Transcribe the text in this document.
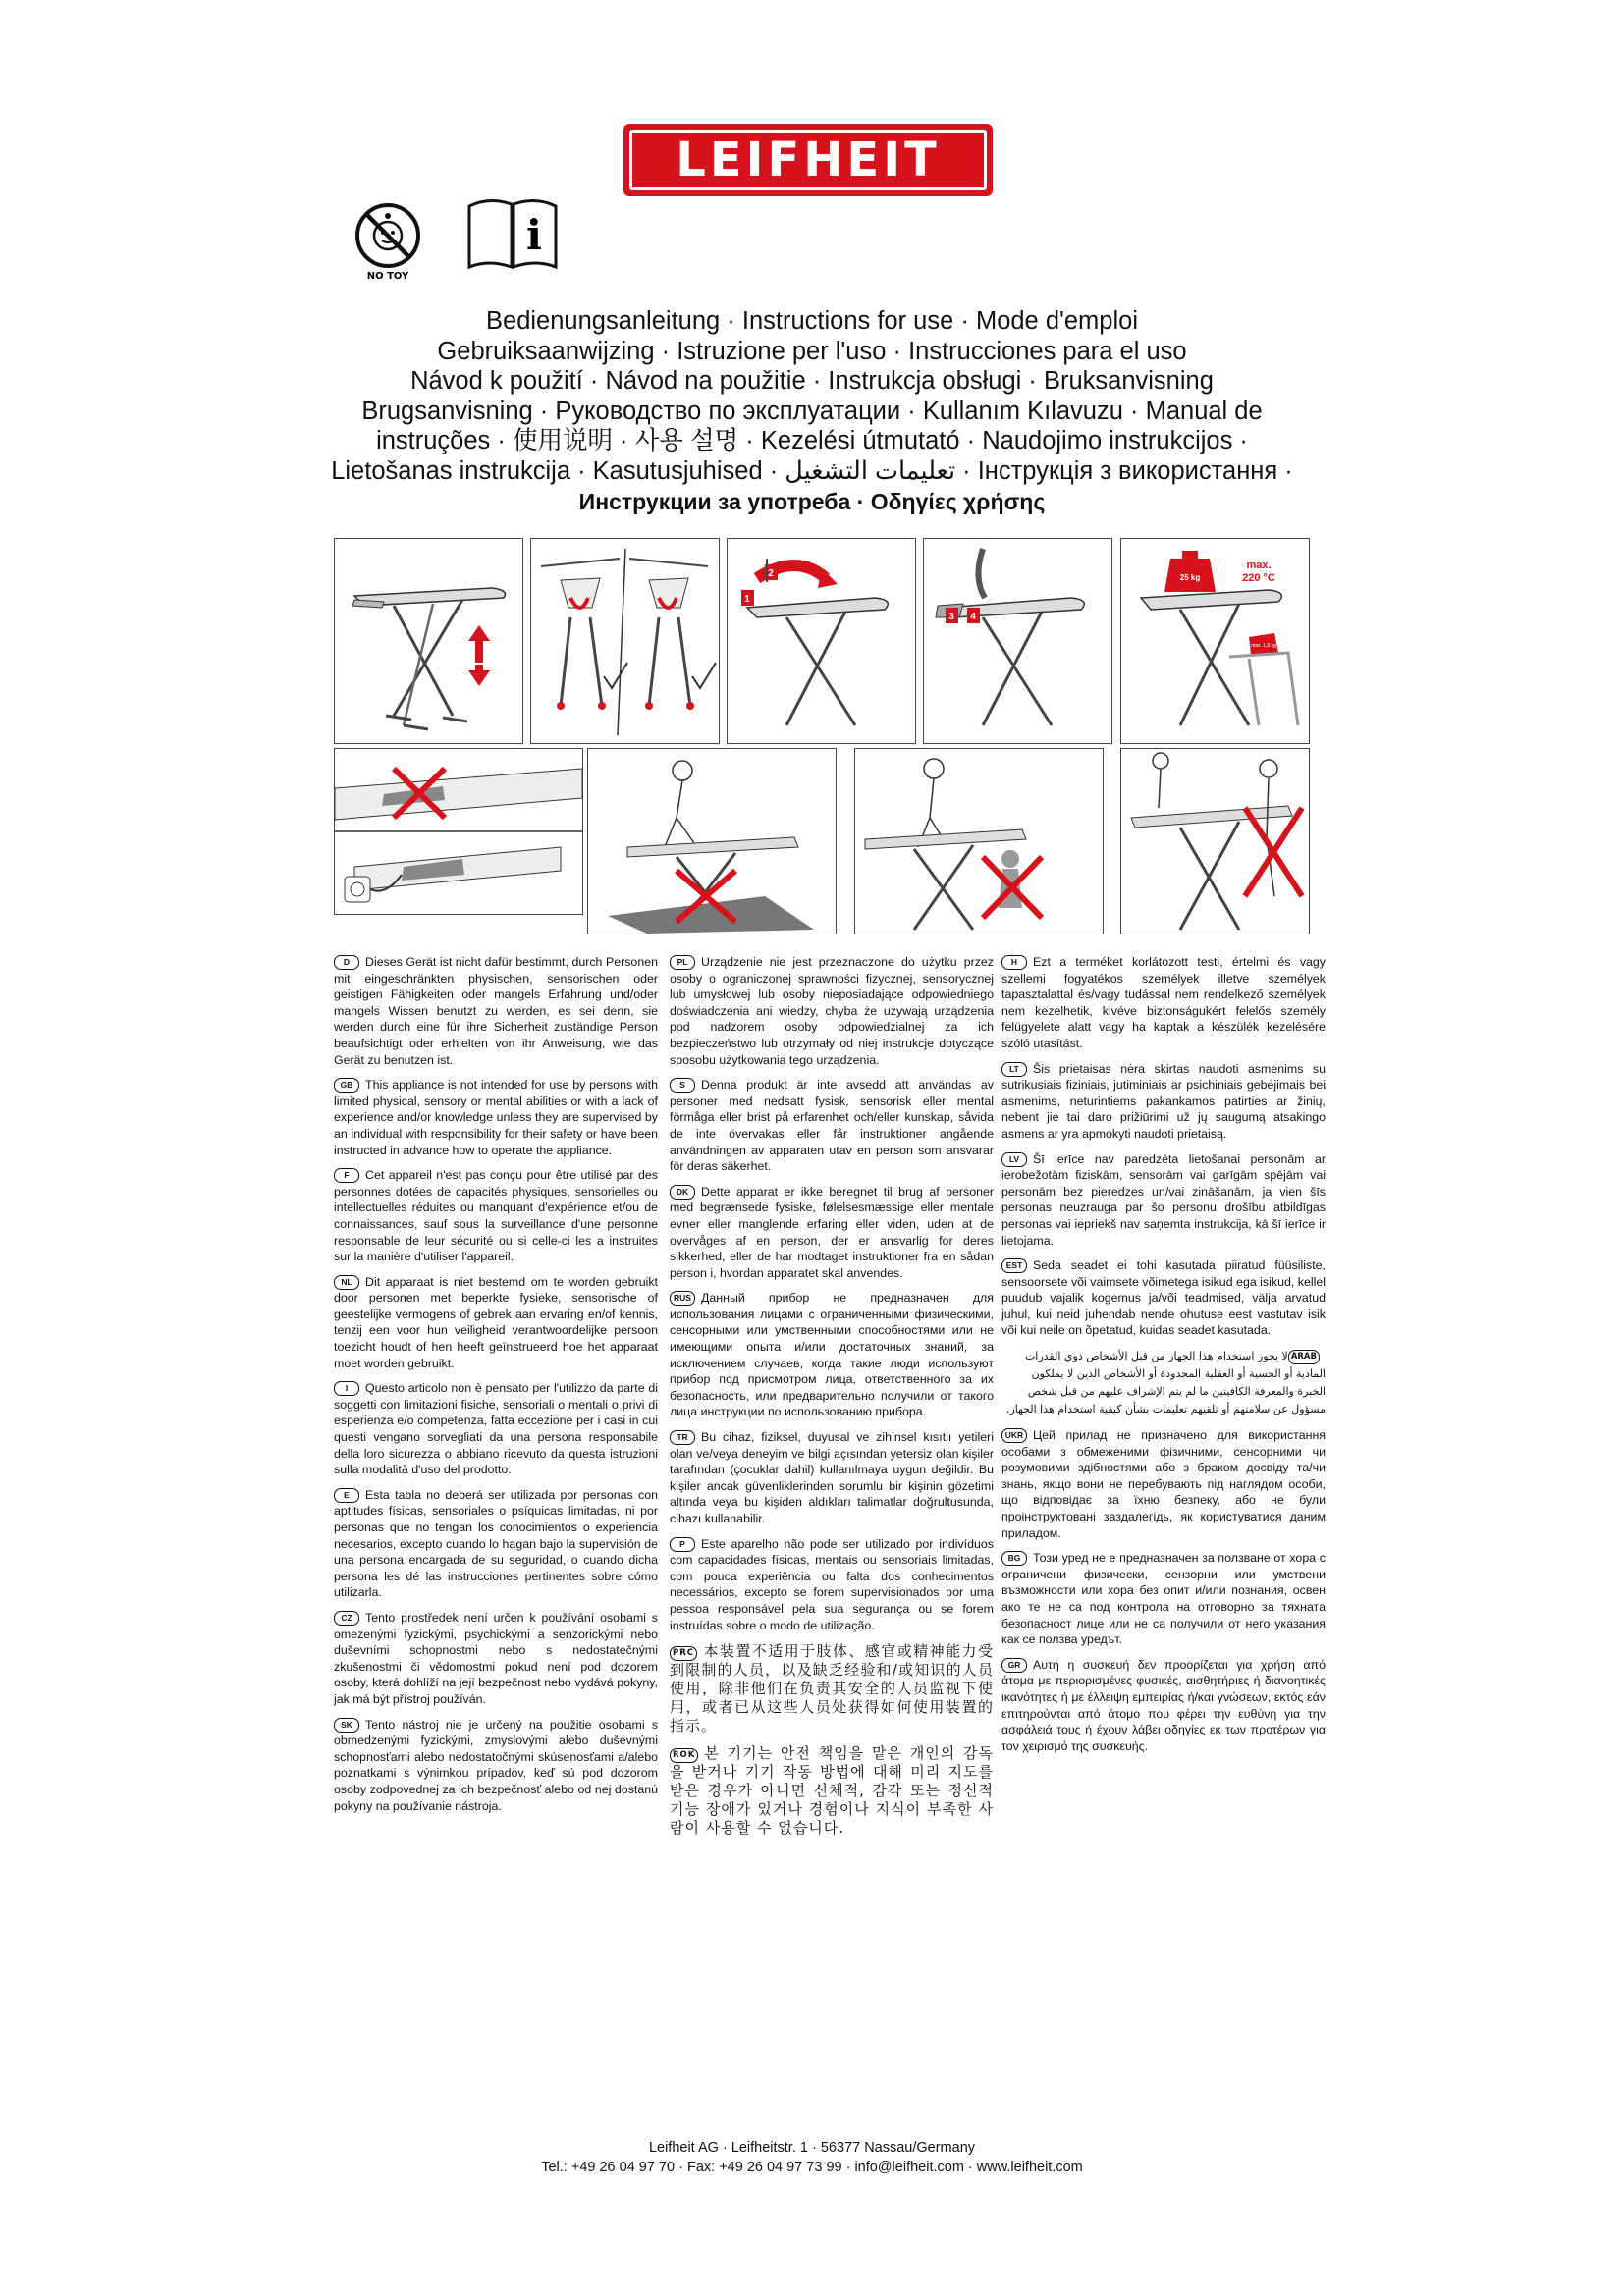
LEIFHEIT
NO TOY
i
Bedienungsanleitung · Instructions for use · Mode d'emploi
Gebruiksaanwijzing · Istruzione per l'uso · Instrucciones para el uso
Návod k použití · Návod na použitie · Instrukcja obsługi · Bruksanvisning
Brugsanvisning · Руководство по эксплуатации · Kullanım Kılavuzu · Manual de
instruções · 使用说明 · 사용 설명 · Kezelési útmutató · Naudojimo instrukcijos ·
Lietošanas instrukcija · Kasutusjuhised · تعليمات التشغيل · Інструкція з використання ·
Инструкции за употреба · Οδηγίες χρήσης
1
2
3 4
25 kg
max.
220 °C
max. 1,8 kg
D Dieses Gerät ist nicht dafür bestimmt, durch Personen mit eingeschränkten physischen, sensorischen oder geistigen Fähigkeiten oder mangels Erfahrung und/oder mangels Wissen benutzt zu werden, es sei denn, sie werden durch eine für ihre Sicherheit zuständige Person beaufsichtigt oder erhielten von ihr Anweisung, wie das Gerät zu benutzen ist.
GB This appliance is not intended for use by persons with limited physical, sensory or mental abilities or with a lack of experience and/or knowledge unless they are supervised by an individual with responsibility for their safety or have been instructed in advance how to operate the appliance.
F Cet appareil n'est pas conçu pour être utilisé par des personnes dotées de capacités physiques, sensorielles ou intellectuelles réduites ou manquant d'expérience et/ou de connaissances, sauf sous la surveillance d'une personne responsable de leur sécurité ou si celle-ci les a instruites sur la manière d'utiliser l'appareil.
NL Dit apparaat is niet bestemd om te worden gebruikt door personen met beperkte fysieke, sensorische of geestelijke vermogens of gebrek aan ervaring en/of kennis, tenzij een voor hun veiligheid verantwoordelijke persoon toezicht houdt of hen heeft geïnstrueerd hoe het apparaat moet worden gebruikt.
I Questo articolo non è pensato per l'utilizzo da parte di soggetti con limitazioni fisiche, sensoriali o mentali o privi di esperienza e/o competenza, fatta eccezione per i casi in cui questi vengano sorvegliati da una persona responsabile della loro sicurezza o abbiano ricevuto da questa istruzioni sulla modalità d'uso del prodotto.
E Esta tabla no deberá ser utilizada por personas con aptitudes físicas, sensoriales o psíquicas limitadas, ni por personas que no tengan los conocimientos o experiencia necesarios, excepto cuando lo hagan bajo la supervisión de una persona encargada de su seguridad, o cuando dicha persona les dé las instrucciones pertinentes sobre cómo utilizarla.
CZ Tento prostředek není určen k používání osobami s omezenými fyzickými, psychickými a senzorickými nebo duševními schopnostmi nebo s nedostatečnými zkušenostmi či vědomostmi pokud není pod dozorem osoby, která dohlíží na její bezpečnost nebo vydává pokyny, jak má být přístroj používán.
SK Tento nástroj nie je určený na použitie osobami s obmedzenými fyzickými, zmyslovými alebo duševnými schopnosťami alebo nedostatočnými skúsenosťami a/alebo poznatkami s výnimkou prípadov, keď sú pod dozorom osoby zodpovednej za ich bezpečnosť alebo od nej dostanú pokyny na používanie nástroja.
PL Urządzenie nie jest przeznaczone do użytku przez osoby o ograniczonej sprawności fizycznej, sensorycznej lub umysłowej lub osoby nieposiadające odpowiedniego doświadczenia ani wiedzy, chyba że używają urządzenia pod nadzorem osoby odpowiedzialnej za ich bezpieczeństwo lub otrzymały od niej instrukcje dotyczące sposobu użytkowania tego urządzenia.
S Denna produkt är inte avsedd att användas av personer med nedsatt fysisk, sensorisk eller mental förmåga eller brist på erfarenhet och/eller kunskap, såvida de inte övervakas eller får instruktioner angående användningen av apparaten utav en person som ansvarar för deras säkerhet.
DK Dette apparat er ikke beregnet til brug af personer med begrænsede fysiske, følelsesmæssige eller mentale evner eller manglende erfaring eller viden, uden at de overvåges af en person, der er ansvarlig for deres sikkerhed, eller de har modtaget instruktioner fra en sådan person i, hvordan apparatet skal anvendes.
RUS Данный прибор не предназначен для использования лицами с ограниченными физическими, сенсорными или умственными способностями или не имеющими опыта и/или достаточных знаний, за исключением случаев, когда такие люди используют прибор под присмотром лица, ответственного за их безопасность, или предварительно получили от такого лица инструкции по использованию прибора.
TR Bu cihaz, fiziksel, duyusal ve zihinsel kısıtlı yetileri olan ve/veya deneyim ve bilgi açısından yetersiz olan kişiler tarafından (çocuklar dahil) kullanılmaya uygun değildir. Bu kişiler ancak güvenliklerinden sorumlu bir kişinin gözetimi altında veya bu kişiden aldıkları talimatlar doğrultusunda, cihazı kullanabilir.
P Este aparelho não pode ser utilizado por indivíduos com capacidades físicas, mentais ou sensoriais limitadas, com pouca experiência ou falta dos conhecimentos necessários, excepto se forem supervisionados por uma pessoa responsável pela sua segurança ou se forem instruídas sobre o modo de utilização.
PRC 本装置不适用于肢体、感官或精神能力受到限制的人员，以及缺乏经验和/或知识的人员使用，除非他们在负责其安全的人员监视下使用，或者已从这些人员处获得如何使用装置的指示。
ROK 본 기기는 안전 책임을 맡은 개인의 감독을 받거나 기기 작동 방법에 대해 미리 지도를 받은 경우가 아니면 신체적, 감각 또는 정신적 기능 장애가 있거나 경험이나 지식이 부족한 사람이 사용할 수 없습니다.
H Ezt a terméket korlátozott testi, értelmi és vagy szellemi fogyatékos személyek illetve személyek tapasztalattal és/vagy tudással nem rendelkező személyek nem kezelhetik, kivéve biztonságukért felelős személy felügyelete alatt vagy ha kaptak a készülék kezelésére szóló utasítást.
LT Šis prietaisas nėra skirtas naudoti asmenims su sutrikusiais fiziniais, jutiminiais ar psichiniais gebėjimais bei asmenims, neturintiems pakankamos patirties ar žinių, nebent jie tai daro prižiūrimi už jų saugumą atsakingo asmens ar yra apmokyti naudoti prietaisą.
LV Šī ierīce nav paredzēta lietošanai personām ar ierobežotām fiziskām, sensorām vai garīgām spējām vai personām bez pieredzes un/vai zināšanām, ja vien šīs personas neuzrauga par šo personu drošību atbildīgas personas vai iepriekš nav saņemta instrukcija, kā šī ierīce ir lietojama.
EST Seda seadet ei tohi kasutada piiratud füüsiliste, sensoorsete või vaimsete võimetega isikud ega isikud, kellel puudub vajalik kogemus ja/või teadmised, välja arvatud juhul, kui neid juhendab nende ohutuse eest vastutav isik või kui neile on õpetatud, kuidas seadet kasutada.
ARABلا يجوز استخدام هذا الجهاز من قبل الأشخاص ذوي القدرات المادية أو الحسية أو العقلية المحدودة أو الأشخاص الذين لا يملكون الخبرة والمعرفة الكافيتين ما لم يتم الإشراف عليهم من قبل شخص مسؤول عن سلامتهم أو تلقيهم تعليمات بشأن كيفية استخدام هذا الجهاز.
UKR Цей прилад не призначено для використання особами з обмеженими фізичними, сенсорними чи розумовими здібностями або з браком досвіду та/чи знань, якщо вони не перебувають під наглядом особи, що відповідає за їхню безпеку, або не були проінструктовані заздалегідь, як користуватися даним приладом.
BG Този уред не е предназначен за ползване от хора с ограничени физически, сензорни или умствени възможности или хора без опит и/или познания, освен ако те не са под контрола на отговорно за тяхната безопасност лице или не са получили от него указания как се ползва уредът.
GR Αυτή η συσκευή δεν προορίζεται για χρήση από άτομα με περιορισμένες φυσικές, αισθητήριες ή διανοητικές ικανότητες ή με έλλειψη εμπειρίας ή/και γνώσεων, εκτός εάν επιτηρούνται από άτομο που φέρει την ευθύνη για την ασφάλειά τους ή έχουν λάβει οδηγίες εκ των προτέρων για τον χειρισμό της συσκευής.
Leifheit AG · Leifheitstr. 1 · 56377 Nassau/Germany
Tel.: +49 26 04 97 70 · Fax: +49 26 04 97 73 99 · info@leifheit.com · www.leifheit.com
